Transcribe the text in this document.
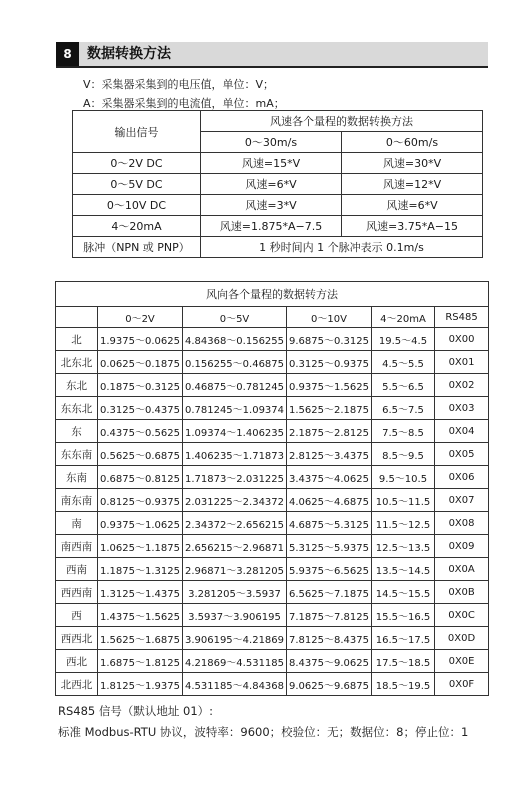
8	数据转换方法
V：采集器采集到的电压值，单位：V；
A：采集器采集到的电流值，单位：mA；
输出信号	风速各个量程的数据转换方法	
	0～30m/s	0～60m/s
0～2V DC	风速=15*V	风速=30*V
0～5V DC	风速=6*V	风速=12*V
0～10V DC	风速=3*V	风速=6*V
4～20mA	风速=1.875*A−7.5	风速=3.75*A−15
脉冲（NPN 或 PNP）	1 秒时间内 1 个脉冲表示 0.1m/s	
风向各个量程的数据转方法					
	0～2V	0～5V	0～10V	4～20mA	RS485
北	1.9375～0.0625	4.84368～0.156255	9.6875～0.3125	19.5～4.5	0X00
北东北	0.0625～0.1875	0.156255～0.46875	0.3125～0.9375	4.5～5.5	0X01
东北	0.1875～0.3125	0.46875～0.781245	0.9375～1.5625	5.5～6.5	0X02
东东北	0.3125～0.4375	0.781245～1.09374	1.5625～2.1875	6.5～7.5	0X03
东	0.4375～0.5625	1.09374～1.406235	2.1875～2.8125	7.5～8.5	0X04
东东南	0.5625～0.6875	1.406235～1.71873	2.8125～3.4375	8.5～9.5	0X05
东南	0.6875～0.8125	1.71873～2.031225	3.4375～4.0625	9.5～10.5	0X06
南东南	0.8125～0.9375	2.031225～2.34372	4.0625～4.6875	10.5～11.5	0X07
南	0.9375～1.0625	2.34372～2.656215	4.6875～5.3125	11.5～12.5	0X08
南西南	1.0625～1.1875	2.656215～2.96871	5.3125～5.9375	12.5～13.5	0X09
西南	1.1875～1.3125	2.96871～3.281205	5.9375～6.5625	13.5～14.5	0X0A
西西南	1.3125～1.4375	3.281205～3.5937	6.5625～7.1875	14.5～15.5	0X0B
西	1.4375～1.5625	3.5937～3.906195	7.1875～7.8125	15.5～16.5	0X0C
西西北	1.5625～1.6875	3.906195～4.21869	7.8125～8.4375	16.5～17.5	0X0D
西北	1.6875～1.8125	4.21869～4.531185	8.4375～9.0625	17.5～18.5	0X0E
北西北	1.8125～1.9375	4.531185～4.84368	9.0625～9.6875	18.5～19.5	0X0F
RS485 信号（默认地址 01）:
标准 Modbus-RTU 协议，波特率：9600；校验位：无；数据位：8；停止位：1
